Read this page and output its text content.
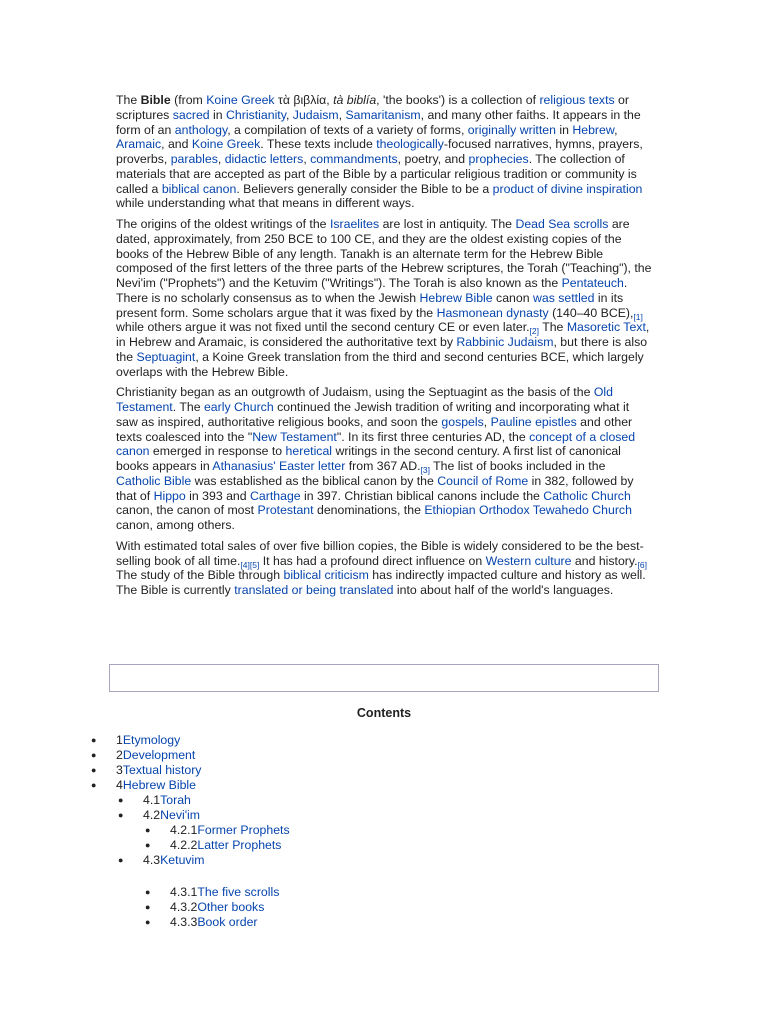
The Bible (from Koine Greek τὰ βιβλία, tà biblía, 'the books') is a collection of religious texts or scriptures sacred in Christianity, Judaism, Samaritanism, and many other faiths. It appears in the form of an anthology, a compilation of texts of a variety of forms, originally written in Hebrew, Aramaic, and Koine Greek. These texts include theologically-focused narratives, hymns, prayers, proverbs, parables, didactic letters, commandments, poetry, and prophecies. The collection of materials that are accepted as part of the Bible by a particular religious tradition or community is called a biblical canon. Believers generally consider the Bible to be a product of divine inspiration while understanding what that means in different ways.

The origins of the oldest writings of the Israelites are lost in antiquity. The Dead Sea scrolls are dated, approximately, from 250 BCE to 100 CE, and they are the oldest existing copies of the books of the Hebrew Bible of any length. Tanakh is an alternate term for the Hebrew Bible composed of the first letters of the three parts of the Hebrew scriptures, the Torah ("Teaching"), the Nevi'im ("Prophets") and the Ketuvim ("Writings"). The Torah is also known as the Pentateuch. There is no scholarly consensus as to when the Jewish Hebrew Bible canon was settled in its present form. Some scholars argue that it was fixed by the Hasmonean dynasty (140–40 BCE),[1] while others argue it was not fixed until the second century CE or even later.[2] The Masoretic Text, in Hebrew and Aramaic, is considered the authoritative text by Rabbinic Judaism, but there is also the Septuagint, a Koine Greek translation from the third and second centuries BCE, which largely overlaps with the Hebrew Bible.

Christianity began as an outgrowth of Judaism, using the Septuagint as the basis of the Old Testament. The early Church continued the Jewish tradition of writing and incorporating what it saw as inspired, authoritative religious books, and soon the gospels, Pauline epistles and other texts coalesced into the "New Testament". In its first three centuries AD, the concept of a closed canon emerged in response to heretical writings in the second century. A first list of canonical books appears in Athanasius' Easter letter from 367 AD.[3] The list of books included in the Catholic Bible was established as the biblical canon by the Council of Rome in 382, followed by that of Hippo in 393 and Carthage in 397. Christian biblical canons include the Catholic Church canon, the canon of most Protestant denominations, the Ethiopian Orthodox Tewahedo Church canon, among others.

With estimated total sales of over five billion copies, the Bible is widely considered to be the best-selling book of all time.[4][5] It has had a profound direct influence on Western culture and history.[6] The study of the Bible through biblical criticism has indirectly impacted culture and history as well. The Bible is currently translated or being translated into about half of the world's languages.

Contents
● 1Etymology
● 2Development
● 3Textual history
● 4Hebrew Bible
● 4.1Torah
● 4.2Nevi'im
● 4.2.1Former Prophets
● 4.2.2Latter Prophets
● 4.3Ketuvim
● 4.3.1The five scrolls
● 4.3.2Other books
● 4.3.3Book order
